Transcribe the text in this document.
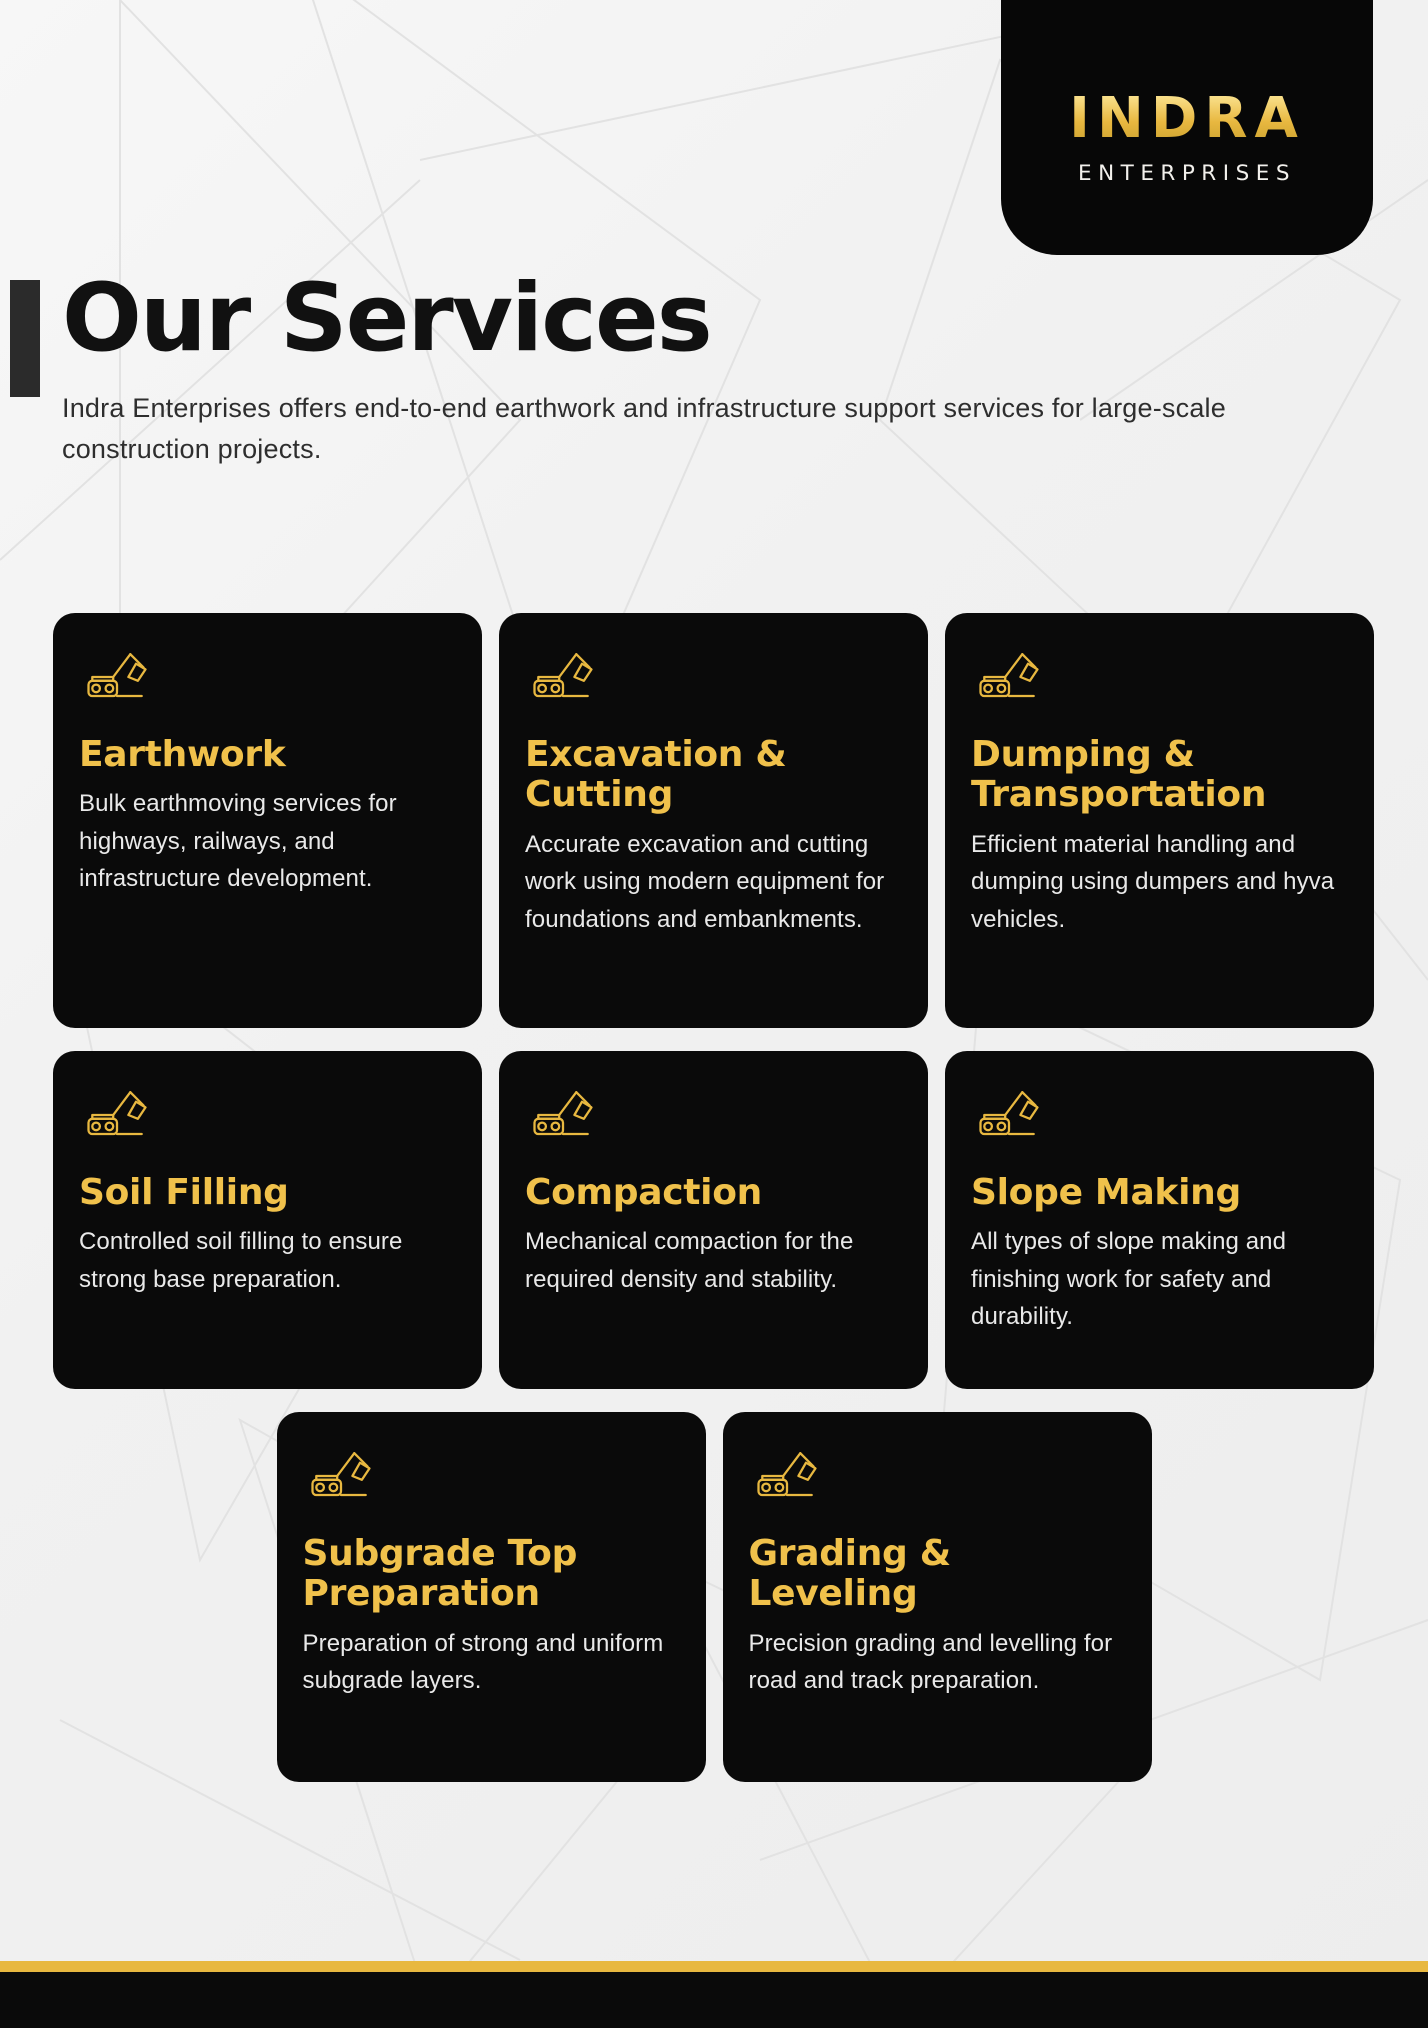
INDRA
ENTERPRISES
Our Services

Indra Enterprises offers end-to-end earthwork and infrastructure support services for large-scale construction projects.

Earthwork
Bulk earthmoving services for highways, railways, and infrastructure development.
Excavation & Cutting
Accurate excavation and cutting work using modern equipment for foundations and embankments.
Dumping & Transportation
Efficient material handling and dumping using dumpers and hyva vehicles.
Soil Filling
Controlled soil filling to ensure strong base preparation.
Compaction
Mechanical compaction for the required density and stability.
Slope Making
All types of slope making and finishing work for safety and durability.
Subgrade Top Preparation
Preparation of strong and uniform subgrade layers.
Grading & Leveling
Precision grading and levelling for road and track preparation.
